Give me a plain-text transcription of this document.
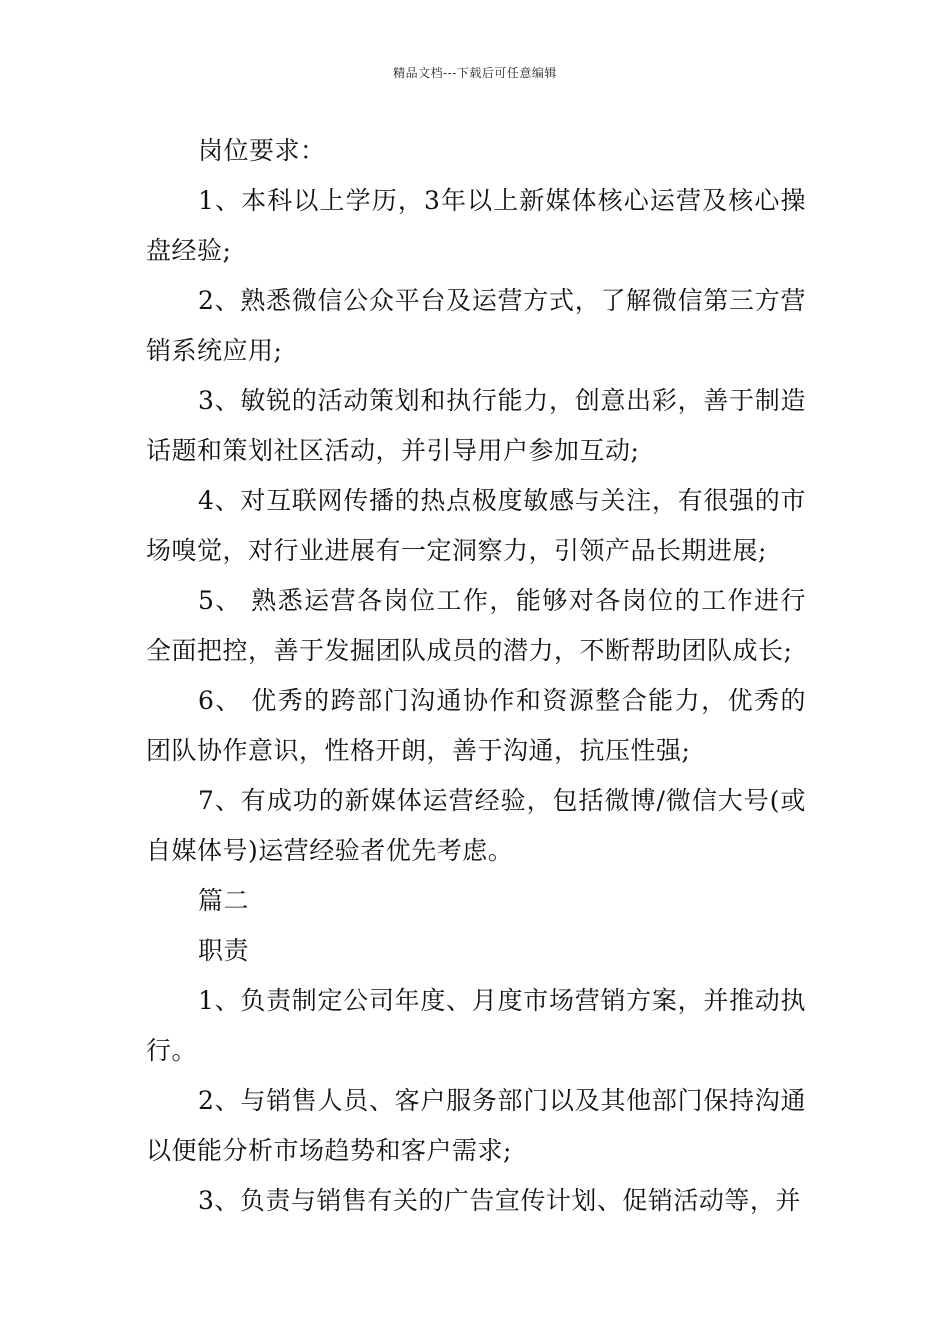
精品文档---下载后可任意编辑

岗位要求：

1、本科以上学历，3年以上新媒体核心运营及核心操盘经验;

2、熟悉微信公众平台及运营方式，了解微信第三方营销系统应用;

3、敏锐的活动策划和执行能力，创意出彩，善于制造话题和策划社区活动，并引导用户参加互动;

4、对互联网传播的热点极度敏感与关注，有很强的市场嗅觉，对行业进展有一定洞察力，引领产品长期进展;

5、 熟悉运营各岗位工作，能够对各岗位的工作进行全面把控，善于发掘团队成员的潜力，不断帮助团队成长;

6、 优秀的跨部门沟通协作和资源整合能力，优秀的团队协作意识，性格开朗，善于沟通，抗压性强;

7、有成功的新媒体运营经验，包括微博/微信大号(或自媒体号)运营经验者优先考虑。

篇二

职责

1、负责制定公司年度、月度市场营销方案，并推动执行。

2、与销售人员、客户服务部门以及其他部门保持沟通以便能分析市场趋势和客户需求;

3、负责与销售有关的广告宣传计划、促销活动等，并
